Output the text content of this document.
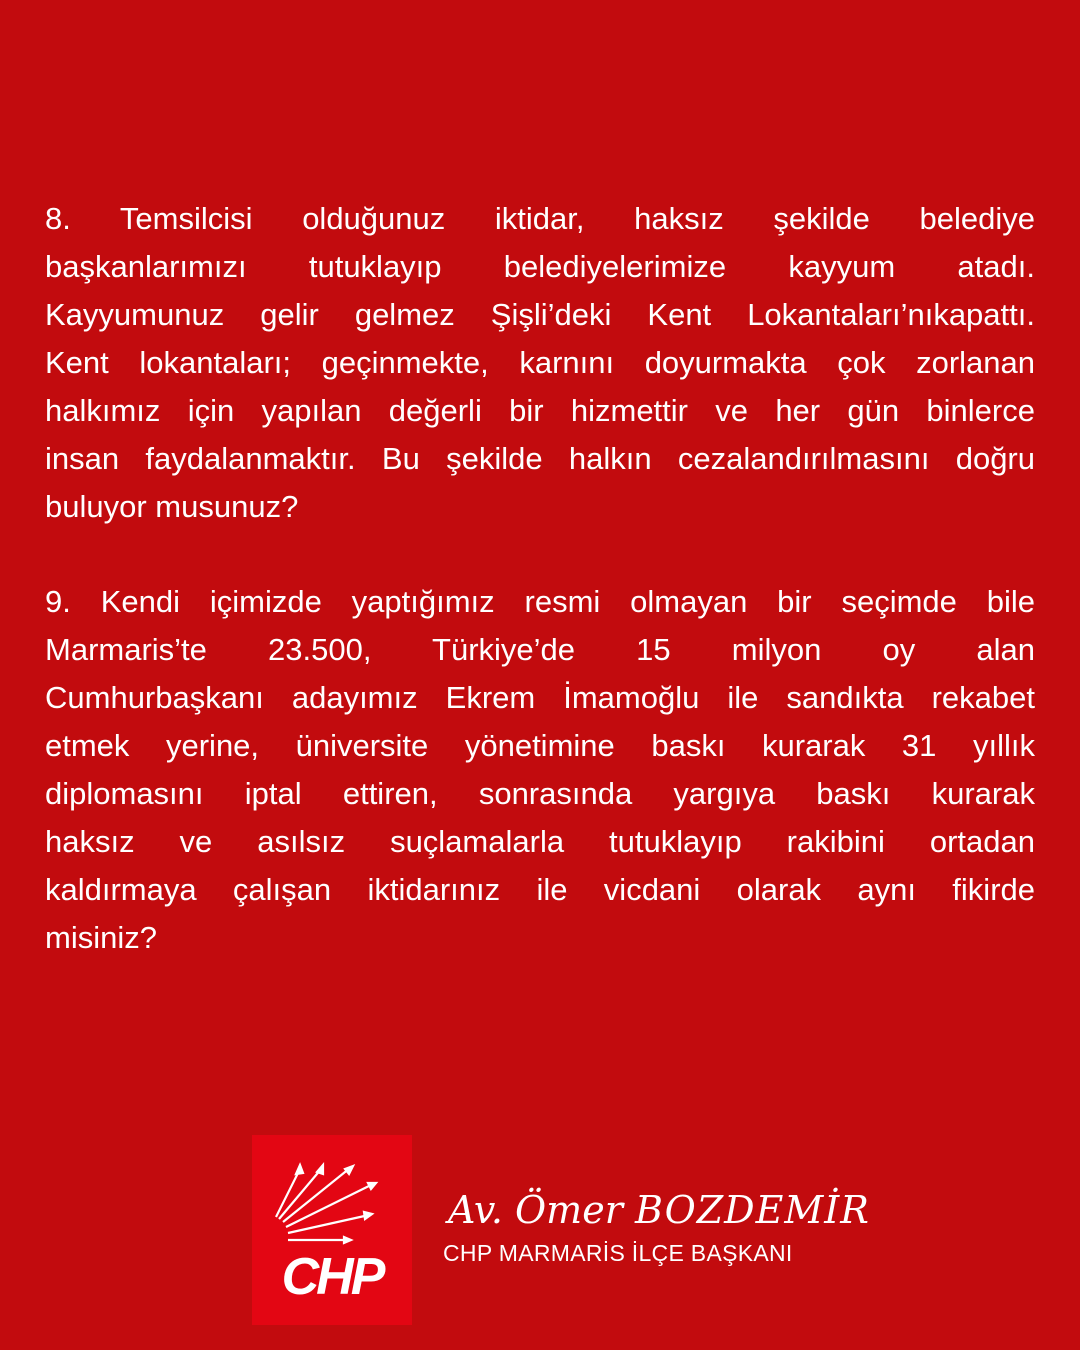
8. Temsilcisi olduğunuz iktidar, haksız şekilde belediye
başkanlarımızı tutuklayıp belediyelerimize kayyum atadı.
Kayyumunuz gelir gelmez Şişli’deki Kent Lokantaları’nıkapattı.
Kent lokantaları; geçinmekte, karnını doyurmakta çok zorlanan
halkımız için yapılan değerli bir hizmettir ve her gün binlerce
insan faydalanmaktır. Bu şekilde halkın cezalandırılmasını doğru
buluyor musunuz?
9. Kendi içimizde yaptığımız resmi olmayan bir seçimde bile
Marmaris’te 23.500, Türkiye’de 15 milyon oy alan
Cumhurbaşkanı adayımız Ekrem İmamoğlu ile sandıkta rekabet
etmek yerine, üniversite yönetimine baskı kurarak 31 yıllık
diplomasını iptal ettiren, sonrasında yargıya baskı kurarak
haksız ve asılsız suçlamalarla tutuklayıp rakibini ortadan
kaldırmaya çalışan iktidarınız ile vicdani olarak aynı fikirde
misiniz?
CHP
Av. Ömer BOZDEMİR
CHP MARMARİS İLÇE BAŞKANI
